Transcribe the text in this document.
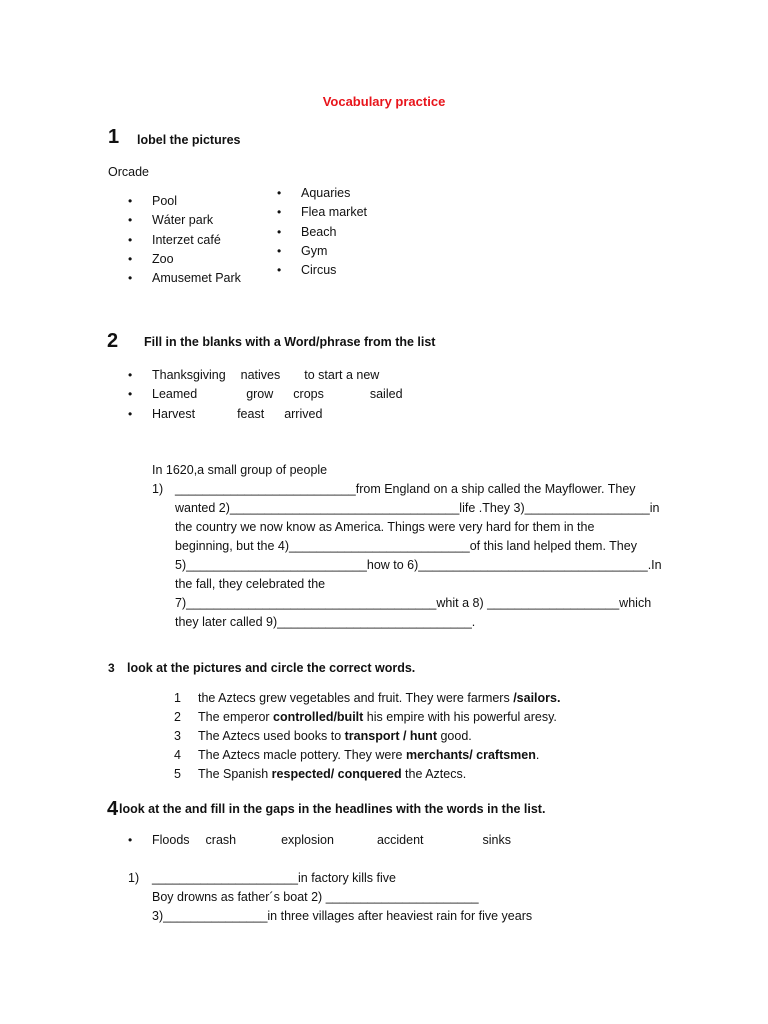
Vocabulary practice
1 lobel the pictures
Orcade
• Pool
• Wáter park
• Interzet café
• Zoo
• Amusemet Park
• Aquaries
• Flea market
• Beach
• Gym
• Circus
2 Fill in the blanks with a Word/phrase from the list
• Thanksgiving natives to start a new
• Leamed	grow crops	sailed
• Harvest	feast arrived
In 1620,a small group of people
1) __________________________from England on a ship called the Mayflower. They
wanted 2)_________________________________life .They 3)__________________in
the country we now know as America. Things were very hard for them in the
beginning, but the 4)__________________________of this land helped them. They
5)__________________________how to 6)_________________________________.In
the fall, they celebrated the
7)____________________________________whit a 8) ___________________which
they later called 9)____________________________.
3 look at the pictures and circle the correct words.
1 the Aztecs grew vegetables and fruit. They were farmers /sailors.
2 The emperor controlled/built his empire with his powerful aresy.
3 The Aztecs used books to transport / hunt good.
4 The Aztecs macle pottery. They were merchants/ craftsmen.
5 The Spanish respected/ conquered the Aztecs.
4 look at the and fill in the gaps in the headlines with the words in the list.
• Floods crash	explosion	accident	sinks
1) _____________________in factory kills five
Boy drowns as father´s boat 2) ______________________
3)_______________in three villages after heaviest rain for five years
